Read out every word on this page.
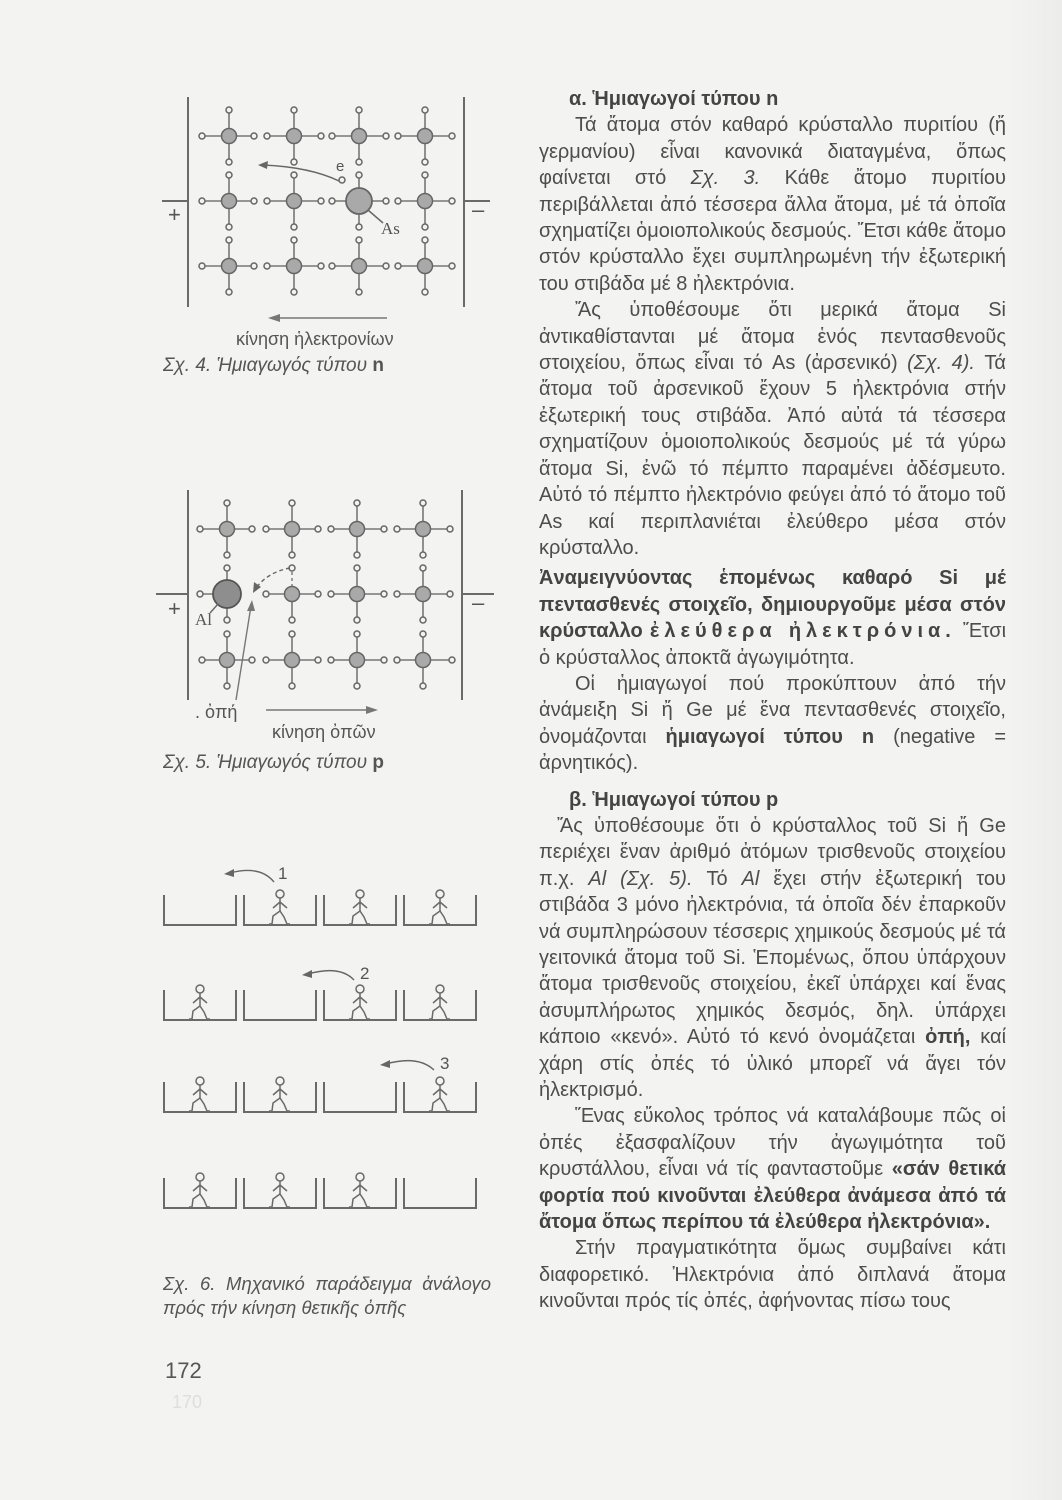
+	–
As
e
κίνηση ἡλεκτρονίων
Σχ. 4. Ἡμιαγωγός τύπου n
+	–
Al
. ὀπή
κίνηση ὀπῶν
Σχ. 5. Ἡμιαγωγός τύπου p
1
2
3
Σχ. 6. Μηχανικό παράδειγμα ἀνάλογο πρός τήν κίνηση θετικῆς ὀπῆς
172
170
α. Ἡμιαγωγοί τύπου n

Τά ἄτομα στόν καθαρό κρύσταλλο πυριτίου (ἤ γερμανίου) εἶναι κανονικά διαταγμένα, ὅπως φαίνεται στό Σχ. 3. Κάθε ἄτομο πυριτίου περιβάλλεται ἀπό τέσσερα ἄλλα ἄτομα, μέ τά ὁποῖα σχηματίζει ὁμοιοπολικούς δεσμούς. Ἔτσι κάθε ἄτομο στόν κρύσταλλο ἔχει συμπληρωμένη τήν ἐξωτερική του στιβάδα μέ 8 ἠλεκτρόνια.

Ἄς ὑποθέσουμε ὅτι μερικά ἄτομα Si ἀντικαθίστανται μέ ἄτομα ἑνός πεντασθενοῦς στοιχείου, ὅπως εἶναι τό As (ἀρσενικό) (Σχ. 4). Τά ἄτομα τοῦ ἀρσενικοῦ ἔχουν 5 ἠλεκτρόνια στήν ἐξωτερική τους στιβάδα. Ἀπό αὐτά τά τέσσερα σχηματίζουν ὁμοιοπολικούς δεσμούς μέ τά γύρω ἄτομα Si, ἐνῶ τό πέμπτο παραμένει ἀδέσμευτο. Αὐτό τό πέμπτο ἠλεκτρόνιο φεύγει ἀπό τό ἄτομο τοῦ As καί περιπλανιέται ἐλεύθερο μέσα στόν κρύσταλλο.

Ἀναμειγνύοντας ἑπομένως καθαρό Si μέ πεντασθενές στοιχεῖο, δημιουργοῦμε μέσα στόν κρύσταλλο ἐλεύθερα ἠλεκτρόνια. Ἔτσι ὁ κρύσταλλος ἀποκτᾶ ἀγωγιμότητα.

Οἱ ἡμιαγωγοί πού προκύπτουν ἀπό τήν ἀνάμειξη Si ἤ Ge μέ ἕνα πεντασθενές στοιχεῖο, ὀνομάζονται ἡμιαγωγοί τύπου n (negative = ἀρνητικός).

β. Ἡμιαγωγοί τύπου p

Ἄς ὑποθέσουμε ὅτι ὁ κρύσταλλος τοῦ Si ἤ Ge περιέχει ἕναν ἀριθμό ἀτόμων τρισθενοῦς στοιχείου π.χ. Al (Σχ. 5). Τό Al ἔχει στήν ἐξωτερική του στιβάδα 3 μόνο ἠλεκτρόνια, τά ὁποῖα δέν ἐπαρκοῦν νά συμπληρώσουν τέσσερις χημικούς δεσμούς μέ τά γειτονικά ἄτομα τοῦ Si. Ἑπομένως, ὅπου ὑπάρχουν ἄτομα τρισθενοῦς στοιχείου, ἐκεῖ ὑπάρχει καί ἕνας ἀσυμπλήρωτος χημικός δεσμός, δηλ. ὑπάρχει κάποιο «κενό». Αὐτό τό κενό ὀνομάζεται ὀπή, καί χάρη στίς ὀπές τό ὑλικό μπορεῖ νά ἄγει τόν ἠλεκτρισμό.

Ἕνας εὔκολος τρόπος νά καταλάβουμε πῶς οἱ ὀπές ἐξασφαλίζουν τήν ἀγωγιμότητα τοῦ κρυστάλλου, εἶναι νά τίς φανταστοῦμε «σάν θετικά φορτία πού κινοῦνται ἐλεύθερα ἀνάμεσα ἀπό τά ἄτομα ὅπως περίπου τά ἐλεύθερα ἠλεκτρόνια».

Στήν πραγματικότητα ὅμως συμβαίνει κάτι διαφορετικό. Ἠλεκτρόνια ἀπό διπλανά ἄτομα κινοῦνται πρός τίς ὀπές, ἀφήνοντας πίσω τους
